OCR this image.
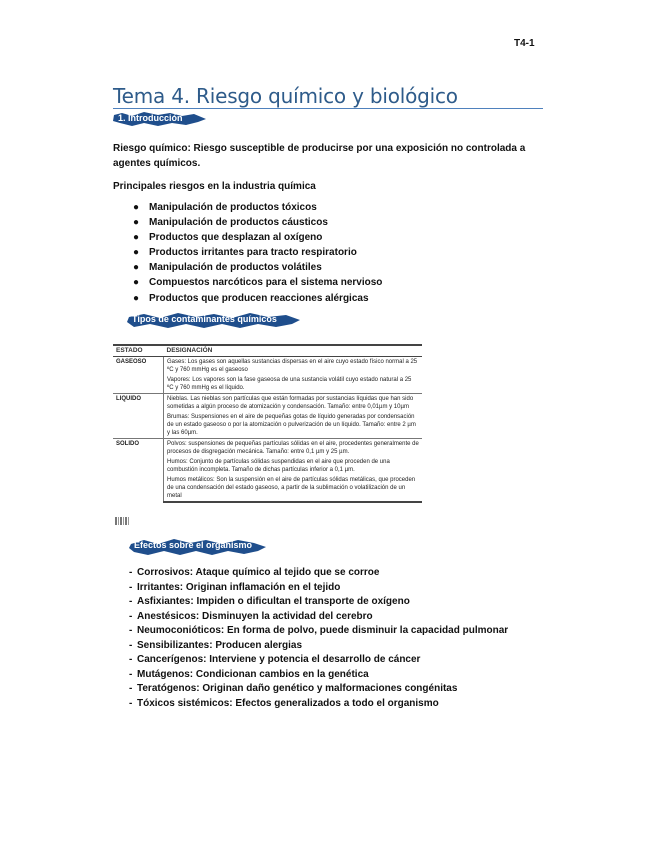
T4-1
Tema 4. Riesgo químico y biológico
1. Introducción
Riesgo químico: Riesgo susceptible de producirse por una exposición no controlada a agentes químicos.
Principales riesgos en la industria química
● Manipulación de productos tóxicos
● Manipulación de productos cáusticos
● Productos que desplazan al oxígeno
● Productos irritantes para tracto respiratorio
● Manipulación de productos volátiles
● Compuestos narcóticos para el sistema nervioso
● Productos que producen reacciones alérgicas
Tipos de contaminantes químicos
ESTADO	DESIGNACIÓN
GASEOSO	Gases: Los gases son aquellas sustancias dispersas en el aire cuyo estado físico normal a 25 ºC y 760 mmHg es el gaseoso
	Vapores: Los vapores son la fase gaseosa de una sustancia volátil cuyo estado natural a 25 ºC y 760 mmHg es el líquido.
LIQUIDO	Nieblas. Las nieblas son partículas que están formadas por sustancias líquidas que han sido sometidas a algún proceso de atomización y condensación. Tamaño: entre 0,01µm y 10µm
	Brumas: Suspensiones en el aire de pequeñas gotas de líquido generadas por condensación de un estado gaseoso o por la atomización o pulverización de un líquido. Tamaño: entre 2 µm y las 60µm.
SOLIDO	Polvos: suspensiones de pequeñas partículas sólidas en el aire, procedentes generalmente de procesos de disgregación mecánica. Tamaño: entre 0,1 µm y 25 µm.
	Humos: Conjunto de partículas sólidas suspendidas en el aire que proceden de una combustión incompleta. Tamaño de dichas partículas inferior a 0,1 µm.
	Humos metálicos: Son la suspensión en el aire de partículas sólidas metálicas, que proceden de una condensación del estado gaseoso, a partir de la sublimación o volatilización de un metal
Efectos sobre el organismo
- Corrosivos: Ataque químico al tejido que se corroe
- Irritantes: Originan inflamación en el tejido
- Asfixiantes: Impiden o dificultan el transporte de oxígeno
- Anestésicos: Disminuyen la actividad del cerebro
- Neumoconióticos: En forma de polvo, puede disminuir la capacidad pulmonar
- Sensibilizantes: Producen alergias
- Cancerígenos: Interviene y potencia el desarrollo de cáncer
- Mutágenos: Condicionan cambios en la genética
- Teratógenos: Originan daño genético y malformaciones congénitas
- Tóxicos sistémicos: Efectos generalizados a todo el organismo
